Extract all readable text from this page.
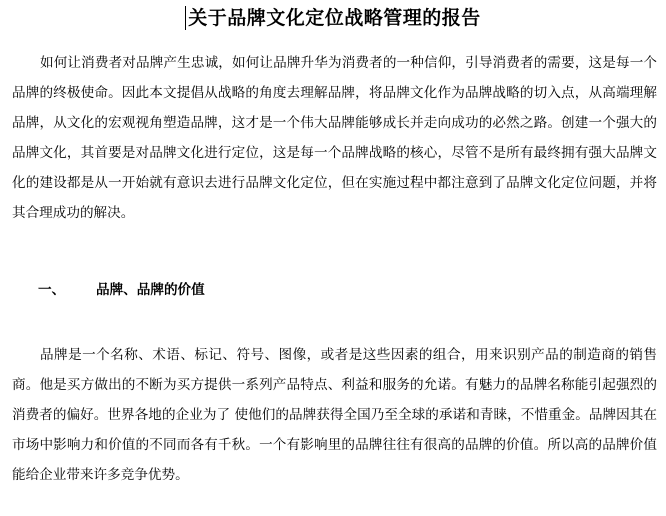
关于品牌文化定位战略管理的报告

如何让消费者对品牌产生忠诚，如何让品牌升华为消费者的一种信仰，引导消费者的需要，这是每一个品牌的终极使命。因此本文提倡从战略的角度去理解品牌，将品牌文化作为品牌战略的切入点，从高端理解品牌，从文化的宏观视角塑造品牌，这才是一个伟大品牌能够成长并走向成功的必然之路。创建一个强大的品牌文化，其首要是对品牌文化进行定位，这是每一个品牌战略的核心，尽管不是所有最终拥有强大品牌文化的建设都是从一开始就有意识去进行品牌文化定位，但在实施过程中都注意到了品牌文化定位问题，并将其合理成功的解决。

一、 品牌、品牌的价值

品牌是一个名称、术语、标记、符号、图像，或者是这些因素的组合，用来识别产品的制造商的销售商。他是买方做出的不断为买方提供一系列产品特点、利益和服务的允诺。有魅力的品牌名称能引起强烈的消费者的偏好。世界各地的企业为了 使他们的品牌获得全国乃至全球的承诺和青睐，不惜重金。品牌因其在市场中影响力和价值的不同而各有千秋。一个有影响里的品牌往往有很高的品牌的价值。所以高的品牌价值能给企业带来许多竞争优势。
